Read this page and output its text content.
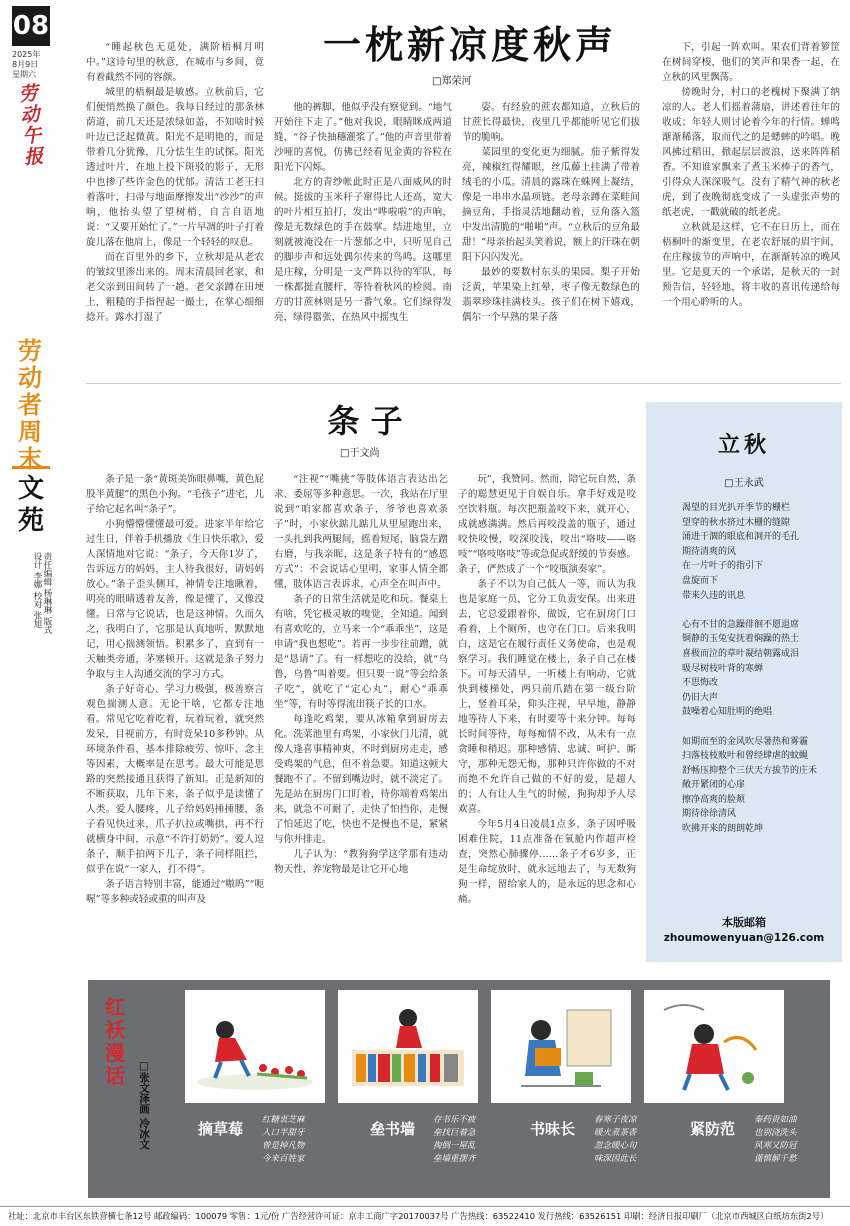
08
2025年
8月9日
星期六
劳动午报
劳动者周末
文苑
责任编辑 杨琳琳 版式设计 李娜 校对 张旭
一枕新凉度秋声
□郑荣河

“睡起秋色无觅处，满阶梧桐月明中。”这诗句里的秋意，在城市与乡间，竟有着截然不同的容颜。

城里的梧桐最是敏感。立秋前后，它们便悄然换了颜色。我每日经过的那条林荫道，前几天还是浓绿如盖，不知啥时候叶边已泛起微黄。阳光不是明艳的，而是带着几分犹豫，几分怯生生的试探。阳光透过叶片，在地上投下斑驳的影子，无形中也掺了些许金色的忧郁。清洁工老王扫着落叶，扫帚与地面摩擦发出“沙沙”的声响，他抬头望了望树梢，自言自语地说：“又要开始忙了。”一片早凋的叶子打着旋儿落在他肩上，像是一个轻轻的叹息。

而在百里外的乡下，立秋却是从老农的皱纹里渗出来的。周末清晨回老家，和老父亲到田间转了一趟。老父亲蹲在田埂上，粗糙的手指捏起一撮土，在掌心细细捻开。露水打湿了

他的裤脚，他似乎没有察觉到。“地气开始往下走了。”他对我说，眼睛眯成两道缝，“谷子快抽穗灌浆了。”他的声音里带着沙哑的喜悦，仿佛已经看见金黄的谷粒在阳光下闪烁。

北方的青纱帐此时正是八面威风的时候。挺拔的玉米秆子窜得比人还高，宽大的叶片相互拍打，发出“哗啦啦”的声响，像是无数绿色的手在鼓掌。结进地里，立刻就被淹没在一片葱郁之中，只听见自己的脚步声和远处偶尔传来的鸟鸣。这哪里是庄稼，分明是一支严阵以待的军队，每一株都挺直腰杆，等待着秋风的检阅。南方的甘蔗林则是另一番气象。它们绿得发亮，绿得嚣张，在热风中摇曳生

姿。有经验的蔗农都知道，立秋后的甘蔗长得最快，夜里几乎都能听见它们拔节的脆响。

菜园里的变化更为细腻。茄子紫得发亮，辣椒红得耀眼，丝瓜藤上挂满了带着绒毛的小瓜。清晨的露珠在蛛网上凝结，像是一串串水晶项链。老母亲蹲在菜畦间摘豆角，手指灵活地翻动着，豆角落入篮中发出清脆的“啪啪”声。“立秋后的豆角最甜！”母亲抬起头笑着说，额上的汗珠在朝阳下闪闪发光。

最妙的要数村东头的果园。梨子开始泛黄，苹果染上红晕，枣子像无数绿色的翡翠珍珠挂满枝头。孩子们在树下嬉戏，偶尔一个早熟的果子落

下，引起一阵欢叫。果农们背着箩筐在树间穿梭，他们的笑声和果香一起，在立秋的风里飘荡。

傍晚时分，村口的老槐树下聚满了纳凉的人。老人们摇着蒲扇，讲述着往年的收成；年轻人则讨论着今年的行情。蝉鸣渐渐稀落，取而代之的是蟋蟀的吟唱。晚风拂过稻田，掀起层层波浪，送来阵阵稻香。不知谁家飘来了煮玉米棒子的香气，引得众人深深吸气。没有了精气神的秋老虎，到了夜晚彻底变成了一头虚张声势的纸老虎，一戳就破的纸老虎。

立秋就是这样，它不在日历上，而在梧桐叶的渐变里，在老农舒展的眉宇间，在庄稼拔节的声响中，在渐渐转凉的晚风里。它是夏天的一个承诺，是秋天的一封预告信，轻轻地，将丰收的喜讯传递给每一个用心聆听的人。

条 子
□于文尚

条子是一条“黄斑美饰眼鼻嘴，黄色屁股半黄腿”的黑色小狗。“毛孩子”进宅，儿子给它起名叫“条子”。

小狗懵懵懂懂最可爱。进家半年给它过生日，伴着手机播放《生日快乐歌》，爱人深情地对它说：“条子，今天你1岁了，告诉远方的妈妈，主人待我很好，请妈妈放心。”条子歪头侧耳，神情专注地瞅着，明亮的眼睛透着友善，像是懂了，又像没懂。日常与它说话，也是这神情。久而久之，我明白了，它那是认真地听，默默地记，用心揣测领悟。积累多了，直到有一天触类旁通，茅塞顿开。这就是条子努力争取与主人沟通交流的学习方式。

条子好奇心、学习力极强，极善察言观色揣测人意。无论干啥，它都专注地看。常见它吃着吃着，玩着玩着，就突然发呆，目视前方，有时竟呆10多秒钟。从环境条件看，基本排除疲劳、惊吓、念主等因素，大概率是在思考。最大可能是思路的突然接通且获得了新知。正是新知的不断获取，几年下来，条子似乎是读懂了人类。爱人腰疼，儿子给妈妈捶捶腰，条子看见快过来，爪子扒拉或嘴拱，再不行就横身中间，示意“不许打奶奶”。爱人逗条子，顺手拍两下儿子，条子同样阻拦，似乎在说“一家人，打不得”。

条子语言特别丰富，能通过“嗷呜”“呃喔”等多种或轻或重的叫声及

“注视”“嘴挑”等肢体语言表达出乞求、委屈等多种意思。一次，我站在厅里说到“咱家都喜欢条子，爷爷也喜欢条子”时，小家伙踮儿踮儿从里屋跑出来，一头扎到我两腿间，摇着短尾，脑袋左蹭右磨，与我亲昵，这是条子特有的“感恩方式”：不会说话心里明，家事人情全都懂，肢体语言表诉求，心声全在叫声中。

条子的日常生活就是吃和玩。餐桌上有啥，凭它极灵敏的嗅觉，全知道。闻到有喜欢吃的，立马来一个“乖乖坐”，这是申请“我也想吃”。若再一步步往前蹭，就是“恳请”了。有一样想吃的没给，就“乌鲁，乌鲁”叫着要。但只要一说“等会给条子吃”，就吃了“定心丸”，耐心“乖乖坐”等，有时等得流出筷子长的口水。

每逢吃鸡架，要从冰箱拿到厨房去化。洗菜池里有鸡架，小家伙门儿清，就像人逢喜事精神爽，不时到厨房走走，感受鸡架的气息，但不着急要。知道这顿大餐跑不了。不留到嘴边时，就不淡定了。先是站在厨房门口盯着，待你端着鸡架出来，就急不可耐了，走快了怕挡你，走慢了怕延迟了吃，快也不是慢也不是，紧紧与你并排走。

儿子认为：“教狗狗学这学那有违动物天性，养宠物最是让它开心地

玩”，我赞同。然而，陪它玩自然，条子的聪慧更见于自娱自乐。拿手好戏是咬空饮料瓶。每次把瓶盖咬下来，就开心，成就感满满。然后再咬没盖的瓶子，通过咬快咬慢，咬深咬浅，咬出“咯吱——咯吱”“咯吱咯吱”等或急促或舒缓的节奏感。条子，俨然成了一个“咬瓶演奏家”。

条子不以为自己低人一等，而认为我也是家庭一员，它分工负责安保。出来进去，它总爱跟着你，做饭，它在厨房门口看着，上个厕所，也守在门口。后来我明白，这是它在履行责任义务使命，也是观察学习。我们睡觉在楼上，条子自己在楼下。可每天清早，一听楼上有响动，它就快到楼梯处，两只前爪踏在第一级台阶上，竖着耳朵，仰头注视，早早地，静静地等待人下来，有时要等十来分钟。每每长时间等待，每每痴情不改，从未有一点贪睡和稍迟。那种感情、忠诚、呵护、厮守，那种无怨无悔，那种只许你做的不对而绝不允许自己做的不好的爱，是超人的；人有让人生气的时候，狗狗却予人尽欢喜。

今年5月4日凌晨1点多，条子因呼吸困难住院，11点准备在氧舱内作超声检查，突然心肺骤停……条子才6岁多，正是生命绽放时，就永远地去了，与无数狗狗一样，留给家人的，是永远的思念和心痛。

立秋
□王永武
渴望的目光扒开季节的栅栏
望穿的秋水挤过木栅的缝隙
涌进干涸的眼底和洞开的毛孔
期待清爽的风
在一片叶子的指引下
盘旋而下
带来久违的讯息
心有不甘的急躁徘徊不愿退席
铜静的玉兔安抚着焖躁的热土
喜极而泣的草叶凝结朝露成泪
吸尽树枝叶背的寒蝉
不思悔改
仍旧大声
鼓噪着心知肚明的绝唱
如期而至的金风吹尽暑热和雾霾
扫落枝枝败叶和曾经肆虐的蚊蝇
舒畅压抑整个三伏天方拔节的庄禾
敞开紧闭的心扉
擦净高爽的脸颊
期待徐徐清风
吹拂开来的朗朗乾坤
本版邮箱
zhoumowenyuan@126.com
红袄漫话	□张文泽画 冷冰文	摘草莓 红糖衷芝麻
入口半甜牙
曾是掉凡物
今来百姓家
垒书墙 存书乐不疲
垒找巨着急
掏倒一屋乱
垒墙重摆齐
书味长 春寒子夜凉
暖火煮茶香
忽念暖心句
味深因此长
紧防范 秦药贵如油
也别浇洗头
风寒又防冠
谨慎解千愁
社址：北京市丰台区东铁营横七条12号 邮政编码：100079 零售：1元/份 广告经营许可证：京丰工商广字20170037号 广告热线：63522410 发行热线：63526151 印刷：经济日报印刷厂（北京市西城区白纸坊东街2号）
